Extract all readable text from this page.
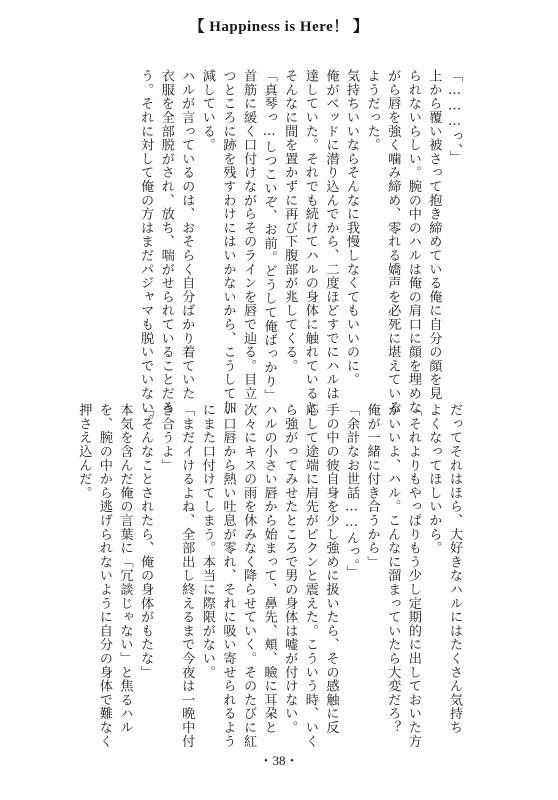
【 Happiness is Here！ 】
「………っ、」
上から覆い被さって抱き締めている俺に自分の顔を見
られないらしい。腕の中のハルは俺の肩口に顔を埋めな
がら唇を強く噛み締め、零れる嬌声を必死に堪えている
ようだった。
気持ちいいならそんなに我慢しなくてもいいのに。
俺がベッドに潜り込んでから、二度ほどすでにハルは
達していた。それでも続けてハルの身体に触れていると
そんなに間を置かずに再び下腹部が兆してくる。
「真琴っ…しつこいぞ、お前。どうして俺ばっかり」
首筋に緩く口付けながらそのラインを唇で辿る。目立
つところに跡を残すわけにはいかないから、こうして加
減している。
ハルが言っているのは、おそらく自分ばかり着ていた
衣服を全部脱がされ、放ち、喘がせられていることだろ
う。それに対して俺の方はまだパジャマも脱いでいない。
だってそれはほら、大好きなハルにはたくさん気持ち
よくなってほしいから。
「それよりもやっぱりもう少し定期的に出しておいた方
がいいよ、ハル。こんなに溜まっていたら大変だろ？
俺が一緒に付き合うから」
「余計なお世話……んっ。」
手の中の彼自身を少し強めに扱いたら、その感触に反
応して途端に肩先がピクンと震えた。こういう時、いく
ら強がってみせたところで男の身体は嘘が付けない。
ハルの小さい唇から始まって、鼻先、頬、瞼に耳朶と
次々にキスの雨を休みなく降らせていく。そのたびに紅
い口唇から熱い吐息が零れ、それに吸い寄せられるよう
にまた口付けてしまう。本当に際限がない。
「まだイけるよね、全部出し終えるまで今夜は一晩中付
き合うよ」
「そんなことされたら、俺の身体がもたな」
本気を含んだ俺の言葉に「冗談じゃない」と焦るハル
を、腕の中から逃げられないように自分の身体で難なく
押さえ込んだ。
・38・
